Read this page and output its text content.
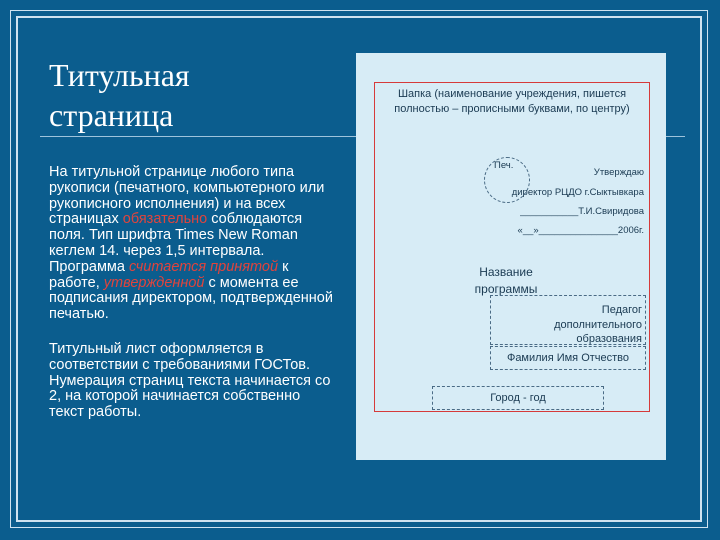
Титульная
страница

На титульной странице любого типа рукописи (печатного, компьютерного или рукописного исполнения) и на всех страницах обязательно соблюдаются поля. Тип шрифта Times New Roman кеглем 14. через 1,5 интервала.

Программа считается принятой к работе, утвержденной с момента ее подписания директором, подтвержденной печатью.

Титульный лист оформляется в соответствии с требованиями ГОСТов.

Нумерация страниц текста начинается со 2, на которой начинается собственно текст работы.

Шапка (наименование учреждения, пишется полностью – прописными буквами, по центру)
Печ.
Утверждаю
директор РЦДО г.Сыктывкара
___________Т.И.Свиридова
«__»_______________2006г.
Название программы
Педагог дополнительного образования
Фамилия Имя Отчество
Город - год
